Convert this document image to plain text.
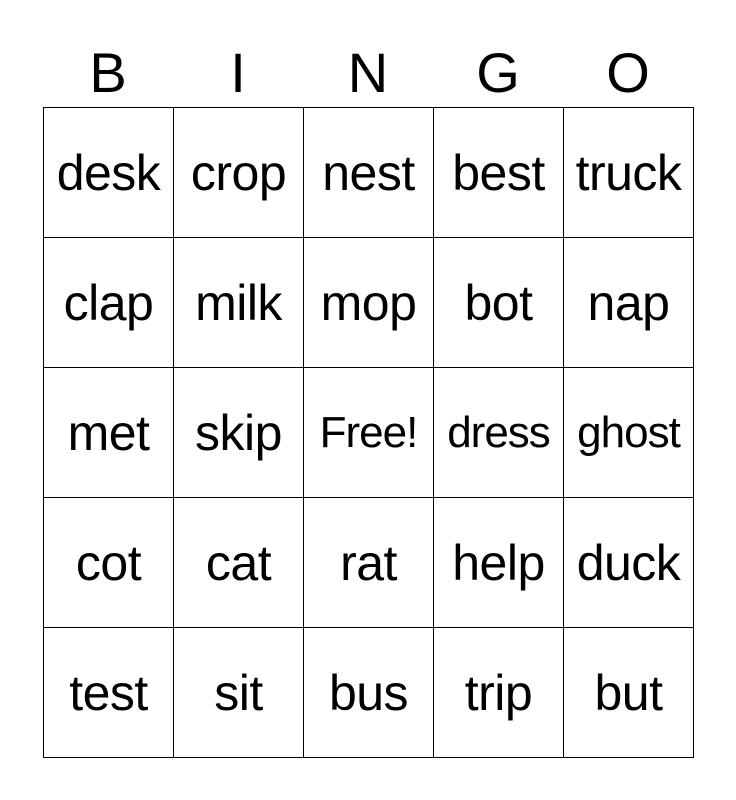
B	I	N	G	O
desk crop nest best truck
clap milk mop bot	nap
met skip Free! dress ghost
cot	cat	rat	help duck
test	sit	bus	trip	but
